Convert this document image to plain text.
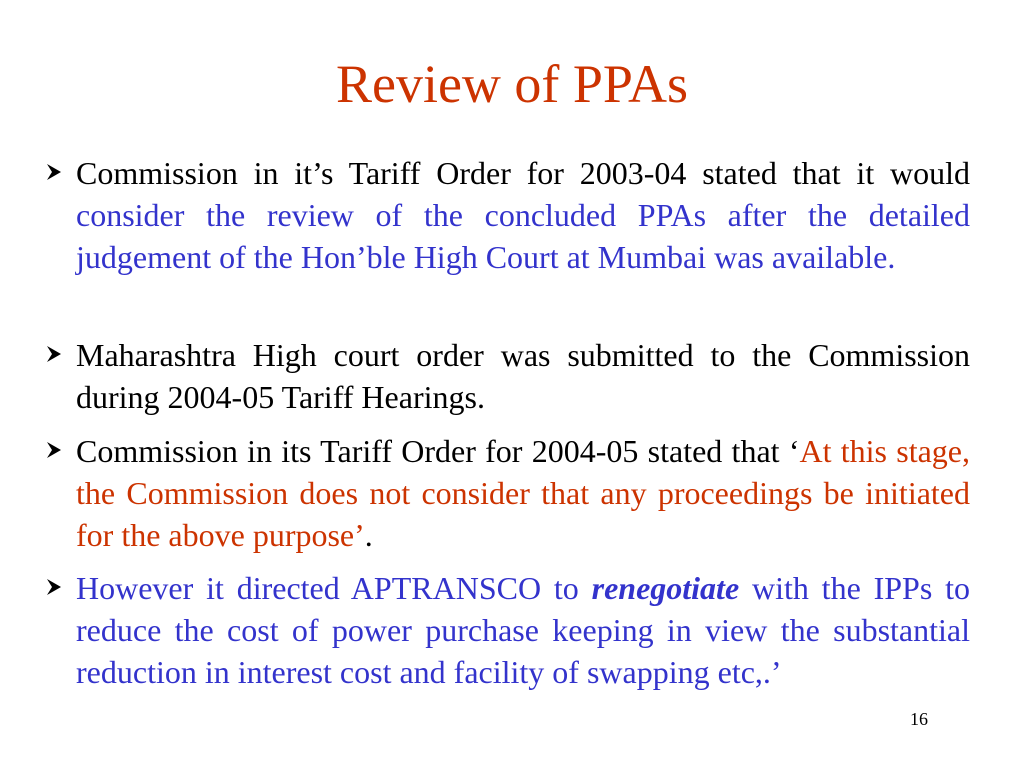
Review of PPAs
Commission in it’s Tariff Order for 2003-04 stated that it would consider the review of the concluded PPAs after the detailed judgement of the Hon’ble High Court at Mumbai was available.
Maharashtra High court order was submitted to the Commission during 2004-05 Tariff Hearings.
Commission in its Tariff Order for 2004-05 stated that ‘At this stage, the Commission does not consider that any proceedings be initiated for the above purpose’.
However it directed APTRANSCO to renegotiate with the IPPs to reduce the cost of power purchase keeping in view the substantial reduction in interest cost and facility of swapping etc,.’
16
